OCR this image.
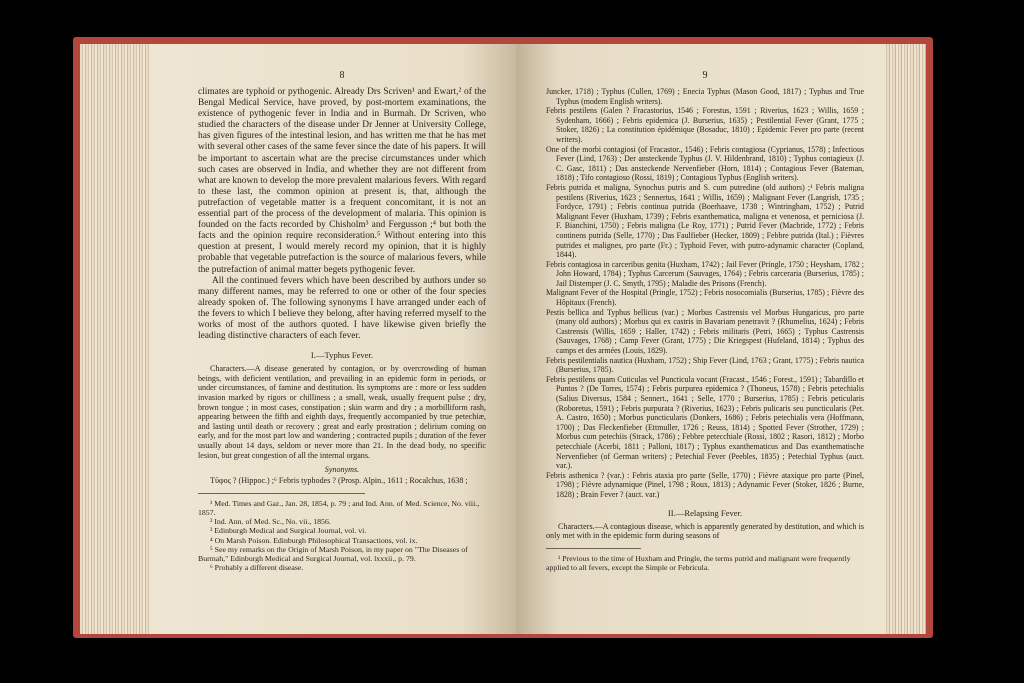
8

climates are typhoid or pythogenic. Already Drs Scriven¹ and Ewart,² of the Bengal Medical Service, have proved, by post-mortem examinations, the existence of pythogenic fever in India and in Burmah. Dr Scriven, who studied the characters of the disease under Dr Jenner at University College, has given figures of the intestinal lesion, and has written me that he has met with several other cases of the same fever since the date of his papers. It will be important to ascertain what are the precise circumstances under which such cases are observed in India, and whether they are not different from what are known to develop the more prevalent malarious fevers. With regard to these last, the common opinion at present is, that, although the putrefaction of vegetable matter is a frequent concomitant, it is not an essential part of the process of the development of malaria. This opinion is founded on the facts recorded by Chisholm³ and Fergusson ;⁴ but both the facts and the opinion require reconsideration.⁵ Without entering into this question at present, I would merely record my opinion, that it is highly probable that vegetable putrefaction is the source of malarious fevers, while the putrefaction of animal matter begets pythogenic fever.

All the continued fevers which have been described by authors under so many different names, may be referred to one or other of the four species already spoken of. The following synonyms I have arranged under each of the fevers to which I believe they belong, after having referred myself to the works of most of the authors quoted. I have likewise given briefly the leading distinctive characters of each fever.

I.—Typhus Fever.

Characters.—A disease generated by contagion, or by overcrowding of human beings, with deficient ventilation, and prevailing in an epidemic form in periods, or under circumstances, of famine and destitution. Its symptoms are : more or less sudden invasion marked by rigors or chilliness ; a small, weak, usually frequent pulse ; dry, brown tongue ; in most cases, constipation ; skin warm and dry ; a morbilliform rash, appearing between the fifth and eighth days, frequently accompanied by true petechiæ, and lasting until death or recovery ; great and early prostration ; delirium coming on early, and for the most part low and wandering ; contracted pupils ; duration of the fever usually about 14 days, seldom or never more than 21. In the dead body, no specific lesion, but great congestion of all the internal organs.

Synonyms.

Τῦφος ? (Hippoc.) ;⁶ Febris typhodes ? (Prosp. Alpin., 1611 ; Rocalchus, 1638 ;

¹ Med. Times and Gaz., Jan. 28, 1854, p. 79 ; and Ind. Ann. of Med. Science, No. viii., 1857.

² Ind. Ann. of Med. Sc., No. vii., 1856.

³ Edinburgh Medical and Surgical Journal, vol. vi.

⁴ On Marsh Poison. Edinburgh Philosophical Transactions, vol. ix.

⁵ See my remarks on the Origin of Marsh Poison, in my paper on "The Diseases of Burmah," Edinburgh Medical and Surgical Journal, vol. lxxxii., p. 79.

⁶ Probably a different disease.

9

Juncker, 1718) ; Typhus (Cullen, 1769) ; Enecia Typhus (Mason Good, 1817) ; Typhus and True Typhus (modern English writers).

Febris pestilens (Galen ? Fracastorius, 1546 ; Forestus, 1591 ; Riverius, 1623 ; Willis, 1659 ; Sydenham, 1666) ; Febris epidemica (J. Burserius, 1635) ; Pestilential Fever (Grant, 1775 ; Stoker, 1826) ; La constitution épidémique (Bosaduc, 1810) ; Epidemic Fever pro parte (recent writers).

One of the morbi contagiosi (of Fracastor., 1546) ; Febris contagiosa (Cyprianus, 1578) ; Infectious Fever (Lind, 1763) ; Der ansteckende Typhus (J. V. Hildenbrand, 1810) ; Typhus contagieux (J. C. Gasc, 1811) ; Das ansteckende Nervenfieber (Horn, 1814) ; Contagious Fever (Bateman, 1818) ; Tifo contagioso (Rossi, 1819) ; Contagious Typhus (English writers).

Febris putrida et maligna, Synochus putris and S. cum putredine (old authors) ;¹ Febris maligna pestilens (Riverius, 1623 ; Sennertus, 1641 ; Willis, 1659) ; Malignant Fever (Langrish, 1735 ; Fordyce, 1791) ; Febris continua putrida (Boerhaave, 1738 ; Wintringham, 1752) ; Putrid Malignant Fever (Huxham, 1739) ; Febris exanthematica, maligna et venenosa, et perniciosa (J. F. Bianchini, 1750) ; Febris maligna (Le Roy, 1771) ; Putrid Fever (Macbride, 1772) ; Febris continens putrida (Selle, 1770) ; Das Faulfieber (Hecker, 1809) ; Febbre putrida (Ital.) ; Fièvres putrides et malignes, pro parte (Fr.) ; Typhoid Fever, with putro-adynamic character (Copland, 1844).

Febris contagiosa in carceribus genita (Huxham, 1742) ; Jail Fever (Pringle, 1750 ; Heysham, 1782 ; John Howard, 1784) ; Typhus Carcerum (Sauvages, 1764) ; Febris carceraria (Burserius, 1785) ; Jail Distemper (J. C. Smyth, 1795) ; Maladie des Prisons (French).

Malignant Fever of the Hospital (Pringle, 1752) ; Febris nosocomialis (Burserius, 1785) ; Fièvre des Hôpitaux (French).

Pestis bellica and Typhus bellicus (var.) ; Morbus Castrensis vel Morbus Hungaricus, pro parte (many old authors) ; Morbus qui ex castris in Bavariam penetravit ? (Rhumelius, 1624) ; Febris Castrensis (Willis, 1659 ; Haller, 1742) ; Febris militaris (Petri, 1665) ; Typhus Castrensis (Sauvages, 1768) ; Camp Fever (Grant, 1775) ; Die Kriegspest (Hufeland, 1814) ; Typhus des camps et des armées (Louis, 1829).

Febris pestilentialis nautica (Huxham, 1752) ; Ship Fever (Lind, 1763 ; Grant, 1775) ; Febris nautica (Burserius, 1785).

Febris pestilens quam Cuticulas vel Puncticula vocant (Fracast., 1546 ; Forest., 1591) ; Tabardillo et Puntos ? (De Torres, 1574) ; Febris purpurea epidemica ? (Thoneus, 1578) ; Febris petechialis (Salius Diversus, 1584 ; Sennert., 1641 ; Selle, 1770 ; Burserius, 1785) ; Febris peticularis (Roboretus, 1591) ; Febris purpurata ? (Riverius, 1623) ; Febris pulicaris seu puncticularis (Pet. A. Castro, 1650) ; Morbus puncticularis (Donkers, 1686) ; Febris petechialis vera (Hoffmann, 1700) ; Das Fleckenfieber (Ettmuller, 1726 ; Reuss, 1814) ; Spotted Fever (Strother, 1729) ; Morbus cum petechiis (Strack, 1786) ; Febbre petecchiale (Rossi, 1802 ; Rasori, 1812) ; Morbo petecchiale (Acerbi, 1811 ; Palloni, 1817) ; Typhus exanthematicus and Das exanthematische Nervenfieber (of German writers) ; Petechial Fever (Peebles, 1835) ; Petechial Typhus (auct. var.).

Febris asthenica ? (var.) : Febris ataxia pro parte (Selle, 1770) ; Fièvre ataxique pro parte (Pinel, 1798) ; Fièvre adynamique (Pinel, 1798 ; Roux, 1813) ; Adynamic Fever (Stoker, 1826 ; Burne, 1828) ; Brain Fever ? (auct. var.)

II.—Relapsing Fever.

Characters.—A contagious disease, which is apparently generated by destitution, and which is only met with in the epidemic form during seasons of

¹ Previous to the time of Huxham and Pringle, the terms putrid and malignant were frequently applied to all fevers, except the Simple or Febricula.
